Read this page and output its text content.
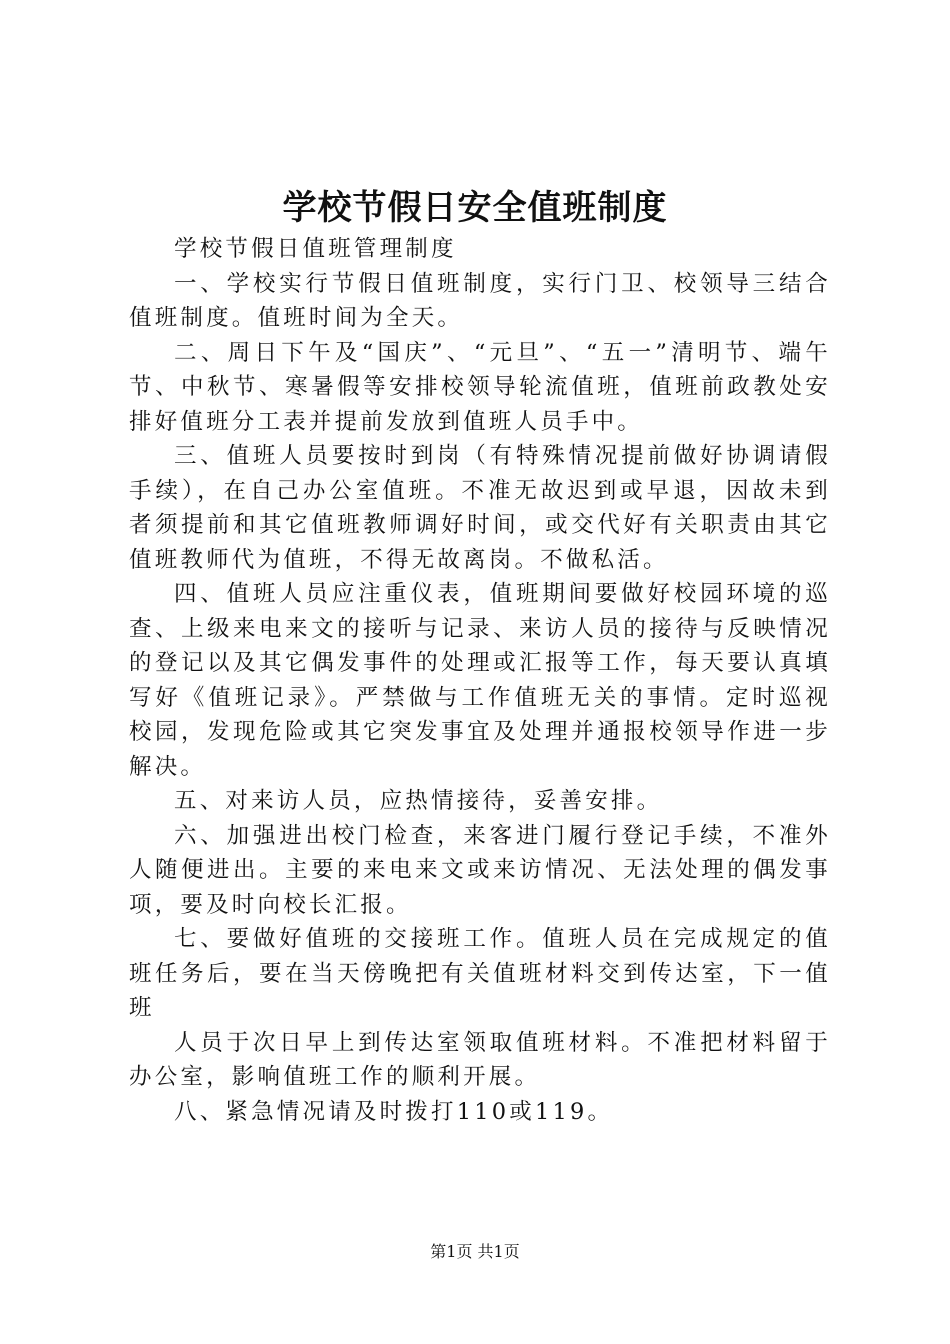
学校节假日安全值班制度

学校节假日值班管理制度

一、学校实行节假日值班制度，实行门卫、校领导三结合值班制度。值班时间为全天。

二、周日下午及“国庆”、“元旦”、“五一”清明节、端午节、中秋节、寒暑假等安排校领导轮流值班，值班前政教处安排好值班分工表并提前发放到值班人员手中。

三、值班人员要按时到岗（有特殊情况提前做好协调请假手续），在自己办公室值班。不准无故迟到或早退，因故未到者须提前和其它值班教师调好时间，或交代好有关职责由其它值班教师代为值班，不得无故离岗。不做私活。

四、值班人员应注重仪表，值班期间要做好校园环境的巡查、上级来电来文的接听与记录、来访人员的接待与反映情况的登记以及其它偶发事件的处理或汇报等工作，每天要认真填写好《值班记录》。严禁做与工作值班无关的事情。定时巡视校园，发现危险或其它突发事宜及处理并通报校领导作进一步解决。

五、对来访人员，应热情接待，妥善安排。

六、加强进出校门检查，来客进门履行登记手续，不准外人随便进出。主要的来电来文或来访情况、无法处理的偶发事项，要及时向校长汇报。

七、要做好值班的交接班工作。值班人员在完成规定的值班任务后，要在当天傍晚把有关值班材料交到传达室，下一值班

人员于次日早上到传达室领取值班材料。不准把材料留于办公室，影响值班工作的顺利开展。

八、紧急情况请及时拨打110或119。

第1页 共1页
